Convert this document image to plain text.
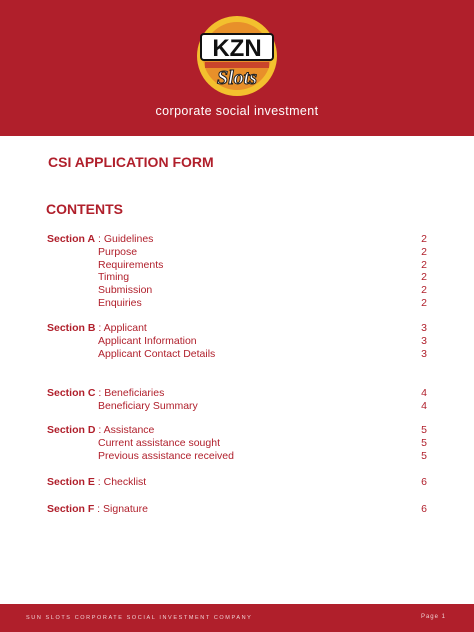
KZN
Slots
corporate social investment
CSI APPLICATION FORM
CONTENTS
Section A : Guidelines	2
Purpose	2
Requirements	2
Timing	2
Submission	2
Enquiries	2
Section B : Applicant	3
Applicant Information	3
Applicant Contact Details	3
Section C : Beneficiaries	4
Beneficiary Summary	4
Section D : Assistance	5
Current assistance sought	5
Previous assistance received	5
Section E : Checklist	6
Section F : Signature	6
SUN SLOTS CORPORATE SOCIAL INVESTMENT COMPANY	Page 1
